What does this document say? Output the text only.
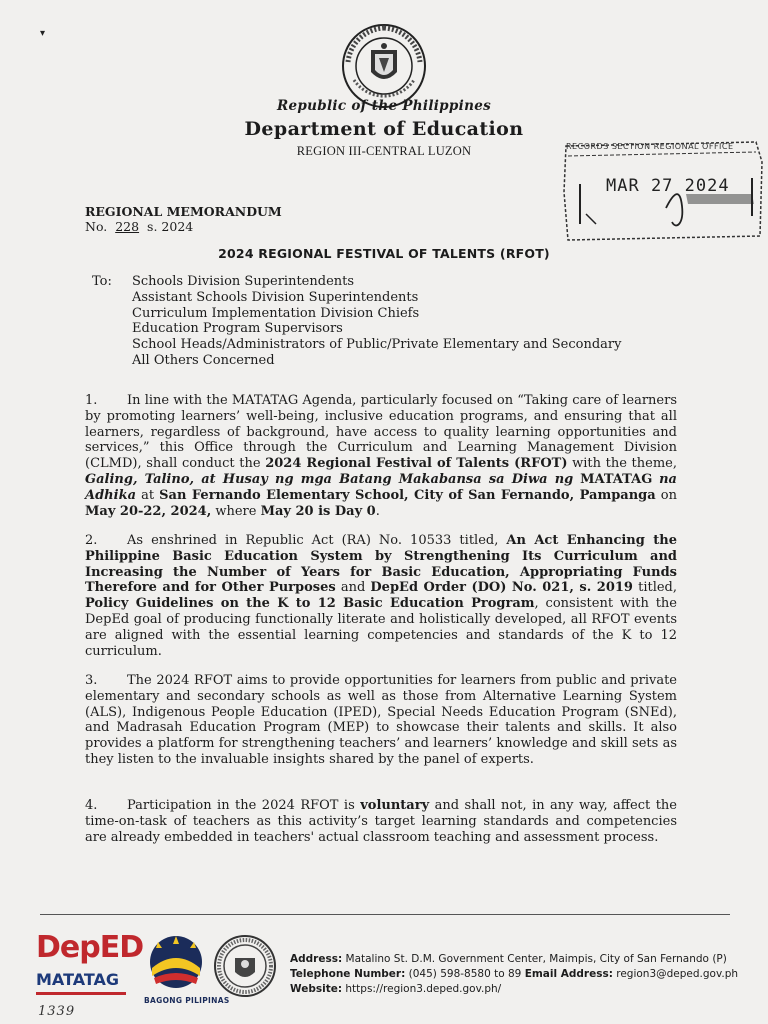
▾
Republic of the Philippines
Department of Education
REGION III-CENTRAL LUZON	RECORDS SECTION REGIONAL OFFICE
MAR 27 2024
REGIONAL MEMORANDUM
No. 228 s. 2024
2024 REGIONAL FESTIVAL OF TALENTS (RFOT)
To: Schools Division Superintendents
Assistant Schools Division Superintendents
Curriculum Implementation Division Chiefs
Education Program Supervisors
School Heads/Administrators of Public/Private Elementary and Secondary
All Others Concerned
1. In line with the MATATAG Agenda, particularly focused on “Taking care of learners by promoting learners’ well-being, inclusive education programs, and ensuring that all learners, regardless of background, have access to quality learning opportunities and services,” this Office through the Curriculum and Learning Management Division (CLMD), shall conduct the 2024 Regional Festival of Talents (RFOT) with the theme, Galing, Talino, at Husay ng mga Batang Makabansa sa Diwa ng MATATAG na Adhika at San Fernando Elementary School, City of San Fernando, Pampanga on May 20-22, 2024, where May 20 is Day 0.
2. As enshrined in Republic Act (RA) No. 10533 titled, An Act Enhancing the Philippine Basic Education System by Strengthening Its Curriculum and Increasing the Number of Years for Basic Education, Appropriating Funds Therefore and for Other Purposes and DepEd Order (DO) No. 021, s. 2019 titled, Policy Guidelines on the K to 12 Basic Education Program, consistent with the DepEd goal of producing functionally literate and holistically developed, all RFOT events are aligned with the essential learning competencies and standards of the K to 12 curriculum.
3. The 2024 RFOT aims to provide opportunities for learners from public and private elementary and secondary schools as well as those from Alternative Learning System (ALS), Indigenous People Education (IPED), Special Needs Education Program (SNEd), and Madrasah Education Program (MEP) to showcase their talents and skills. It also provides a platform for strengthening teachers’ and learners’ knowledge and skill sets as they listen to the invaluable insights shared by the panel of experts.
4. Participation in the 2024 RFOT is voluntary and shall not, in any way, affect the time-on-task of teachers as this activity’s target learning standards and competencies are already embedded in teachers' actual classroom teaching and assessment process.
DepED
MATATAG
BAGONG PILIPINAS
Address: Matalino St. D.M. Government Center, Maimpis, City of San Fernando (P)
Telephone Number: (045) 598-8580 to 89 Email Address: region3@deped.gov.ph
Website: https://region3.deped.gov.ph/
1339
